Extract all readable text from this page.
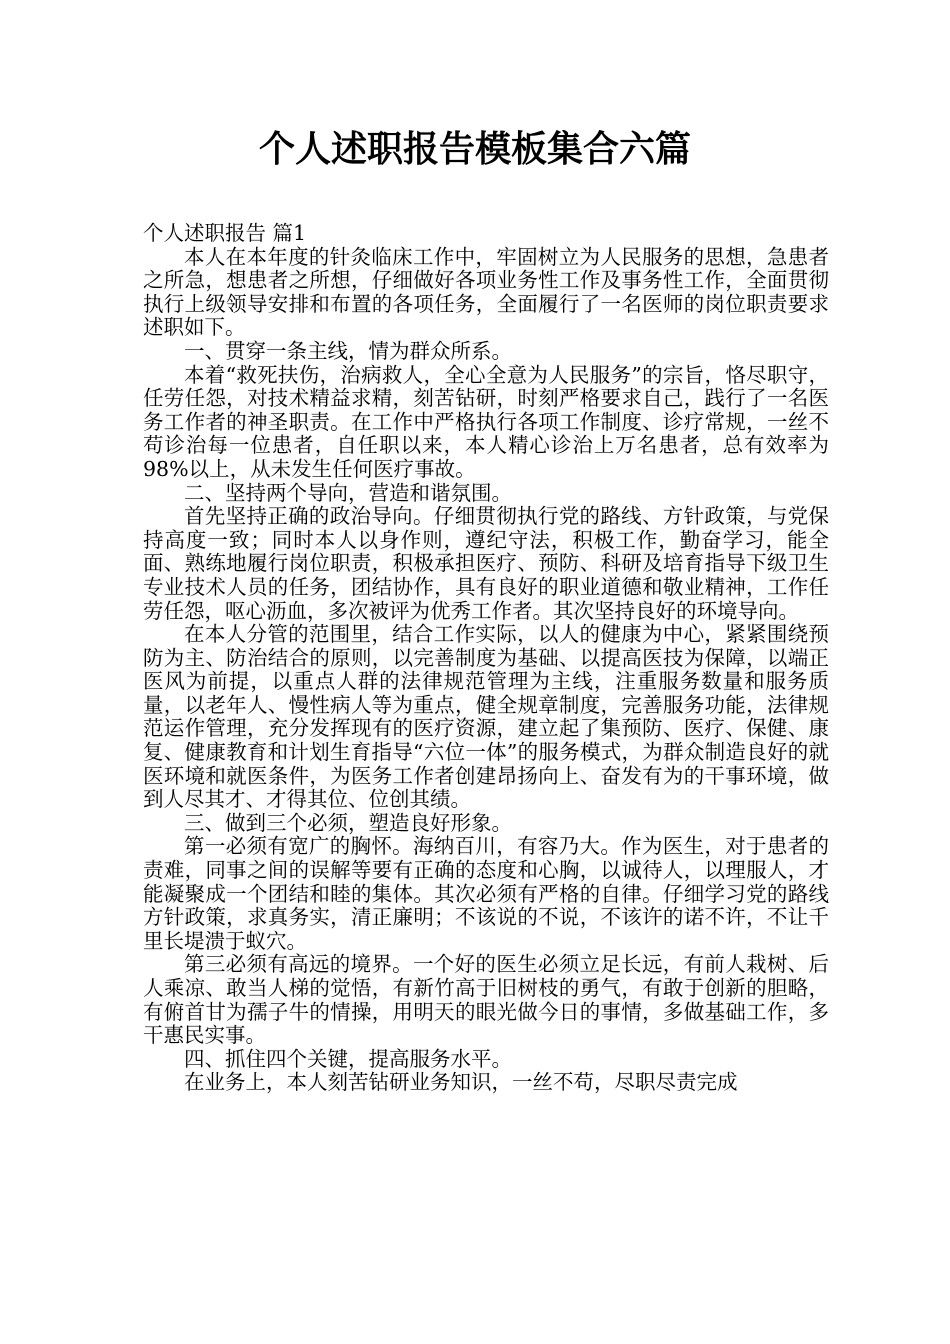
个人述职报告模板集合六篇

个人述职报告 篇1

本人在本年度的针灸临床工作中，牢固树立为人民服务的思想，急患者之所急，想患者之所想，仔细做好各项业务性工作及事务性工作，全面贯彻执行上级领导安排和布置的各项任务，全面履行了一名医师的岗位职责要求述职如下。

一、贯穿一条主线，情为群众所系。

本着“救死扶伤，治病救人，全心全意为人民服务”的宗旨，恪尽职守，任劳任怨，对技术精益求精，刻苦钻研，时刻严格要求自己，践行了一名医务工作者的神圣职责。在工作中严格执行各项工作制度、诊疗常规，一丝不苟诊治每一位患者，自任职以来，本人精心诊治上万名患者，总有效率为98%以上，从未发生任何医疗事故。

二、坚持两个导向，营造和谐氛围。

首先坚持正确的政治导向。仔细贯彻执行党的路线、方针政策，与党保持高度一致；同时本人以身作则，遵纪守法，积极工作，勤奋学习，能全面、熟练地履行岗位职责，积极承担医疗、预防、科研及培育指导下级卫生专业技术人员的任务，团结协作，具有良好的职业道德和敬业精神，工作任劳任怨，呕心沥血，多次被评为优秀工作者。其次坚持良好的环境导向。

在本人分管的范围里，结合工作实际，以人的健康为中心，紧紧围绕预防为主、防治结合的原则，以完善制度为基础、以提高医技为保障，以端正医风为前提，以重点人群的法律规范管理为主线，注重服务数量和服务质量，以老年人、慢性病人等为重点，健全规章制度，完善服务功能，法律规范运作管理，充分发挥现有的医疗资源，建立起了集预防、医疗、保健、康复、健康教育和计划生育指导“六位一体”的服务模式，为群众制造良好的就医环境和就医条件，为医务工作者创建昂扬向上、奋发有为的干事环境，做到人尽其才、才得其位、位创其绩。

三、做到三个必须，塑造良好形象。

第一必须有宽广的胸怀。海纳百川，有容乃大。作为医生，对于患者的责难，同事之间的误解等要有正确的态度和心胸，以诚待人，以理服人，才能凝聚成一个团结和睦的集体。其次必须有严格的自律。仔细学习党的路线方针政策，求真务实，清正廉明；不该说的不说，不该许的诺不许，不让千里长堤溃于蚁穴。

第三必须有高远的境界。一个好的医生必须立足长远，有前人栽树、后人乘凉、敢当人梯的觉悟，有新竹高于旧树枝的勇气，有敢于创新的胆略，有俯首甘为孺子牛的情操，用明天的眼光做今日的事情，多做基础工作，多干惠民实事。

四、抓住四个关键，提高服务水平。

在业务上，本人刻苦钻研业务知识，一丝不苟，尽职尽责完成
